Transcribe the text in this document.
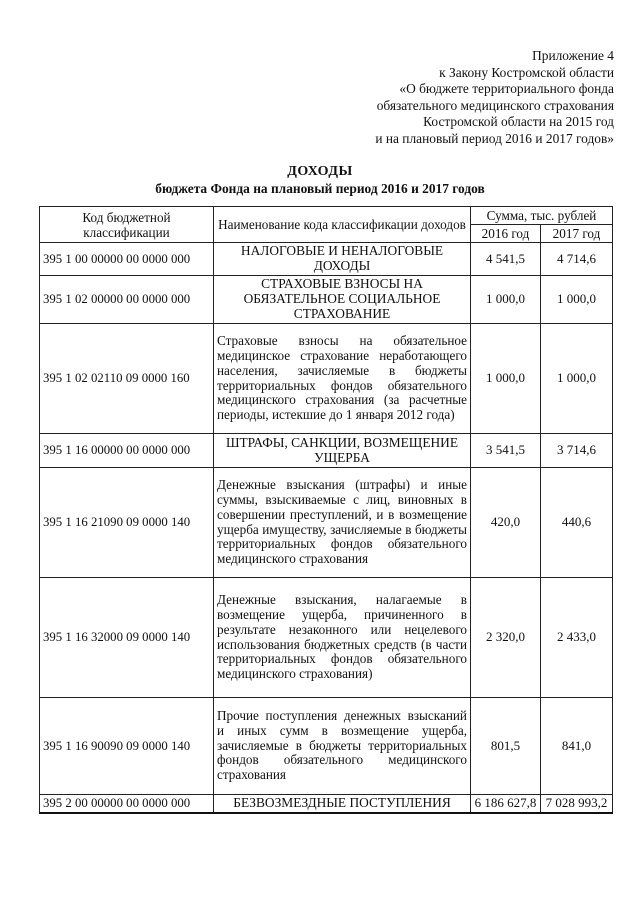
Приложение 4
к Закону Костромской области
«О бюджете территориального фонда
обязательного медицинского страхования
Костромской области на 2015 год
и на плановый период 2016 и 2017 годов»
ДОХОДЫ
бюджета Фонда на плановый период 2016 и 2017 годов
Код бюджетной классификации	Наименование кода классификации доходов	Сумма, тыс. рублей	
		2016 год	2017 год
395 1 00 00000 00 0000 000	НАЛОГОВЫЕ И НЕНАЛОГОВЫЕ ДОХОДЫ	4 541,5	4 714,6
395 1 02 00000 00 0000 000	СТРАХОВЫЕ ВЗНОСЫ НА ОБЯЗАТЕЛЬНОЕ СОЦИАЛЬНОЕ СТРАХОВАНИЕ	1 000,0	1 000,0
395 1 02 02110 09 0000 160	Страховые взносы на обязательное медицинское страхование неработающего населения, зачисляемые в бюджеты территориальных фондов обязательного медицинского страхования (за расчетные периоды, истекшие до 1 января 2012 года)	1 000,0	1 000,0
395 1 16 00000 00 0000 000	ШТРАФЫ, САНКЦИИ, ВОЗМЕЩЕНИЕ УЩЕРБА	3 541,5	3 714,6
395 1 16 21090 09 0000 140	Денежные взыскания (штрафы) и иные суммы, взыскиваемые с лиц, виновных в совершении преступлений, и в возмещение ущерба имуществу, зачисляемые в бюджеты территориальных фондов обязательного медицинского страхования	420,0	440,6
395 1 16 32000 09 0000 140	Денежные взыскания, налагаемые в возмещение ущерба, причиненного в результате незаконного или нецелевого использования бюджетных средств (в части территориальных фондов обязательного медицинского страхования)	2 320,0	2 433,0
395 1 16 90090 09 0000 140	Прочие поступления денежных взысканий и иных сумм в возмещение ущерба, зачисляемые в бюджеты территориальных фондов обязательного медицинского страхования	801,5	841,0
395 2 00 00000 00 0000 000	БЕЗВОЗМЕЗДНЫЕ ПОСТУПЛЕНИЯ	6 186 627,8	7 028 993,2
